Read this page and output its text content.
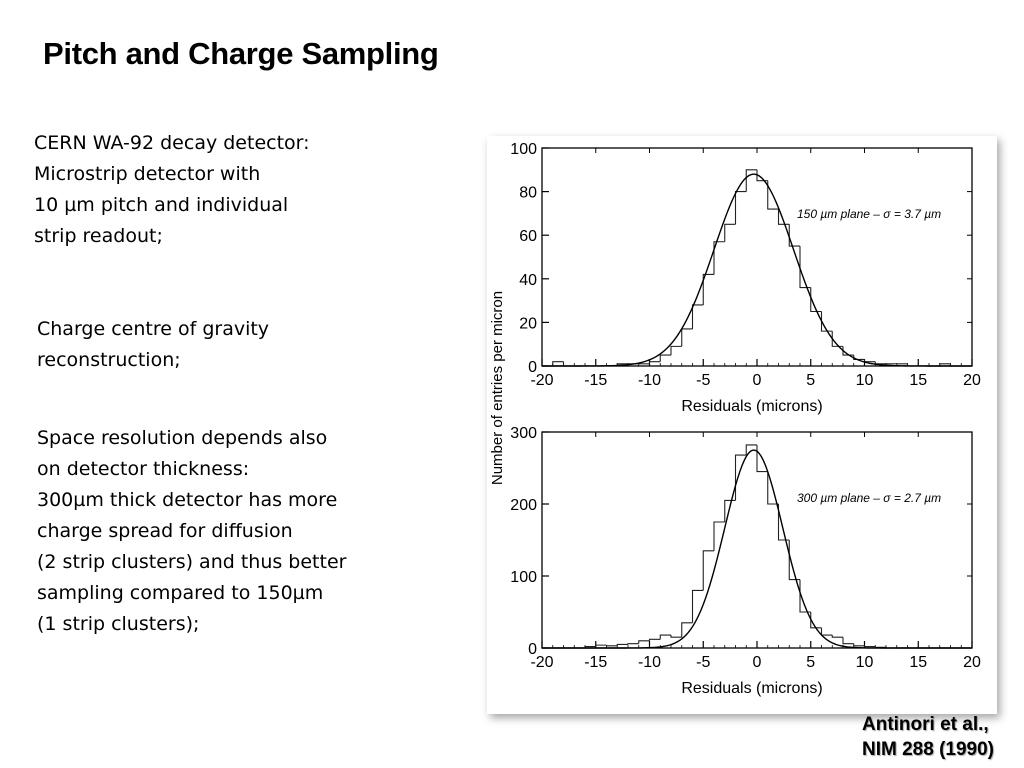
Pitch and Charge Sampling
CERN WA-92 decay detector:
Microstrip detector with
10 µm pitch and individual
strip readout;
Charge centre of gravity
reconstruction;
Space resolution depends also
on detector thickness:
300µm thick detector has more
charge spread for diffusion
(2 strip clusters) and thus better
sampling compared to 150µm
(1 strip clusters);
Number of entries per micron -20 -15 -10 -5	0	5	10 15 20
0
20
40
60
80
100
150 µm plane – σ = 3.7 µm
Residuals (microns)
-20 -15 -10 -5	0	5	10 15 20
0
100
200
300
300 µm plane – σ = 2.7 µm
Residuals (microns)
Antinori et al.,
NIM 288 (1990)
